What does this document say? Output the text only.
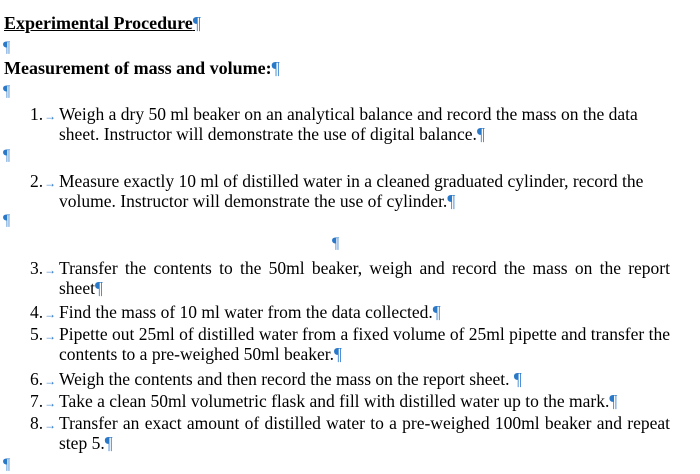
Experimental Procedure¶
¶
Measurement of mass and volume:¶
¶
1.→ Weigh a dry 50 ml beaker on an analytical balance and record the mass on the data sheet. Instructor will demonstrate the use of digital balance.¶
¶
2.→ Measure exactly 10 ml of distilled water in a cleaned graduated cylinder, record the volume. Instructor will demonstrate the use of cylinder.¶
¶
¶
3.→ Transfer the contents to the 50ml beaker, weigh and record the mass on the report sheet¶
4.→ Find the mass of 10 ml water from the data collected.¶
5.→ Pipette out 25ml of distilled water from a fixed volume of 25ml pipette and transfer the contents to a pre-weighed 50ml beaker.¶
6.→ Weigh the contents and then record the mass on the report sheet. ¶
7.→ Take a clean 50ml volumetric flask and fill with distilled water up to the mark.¶
8.→ Transfer an exact amount of distilled water to a pre-weighed 100ml beaker and repeat step 5.¶
¶
